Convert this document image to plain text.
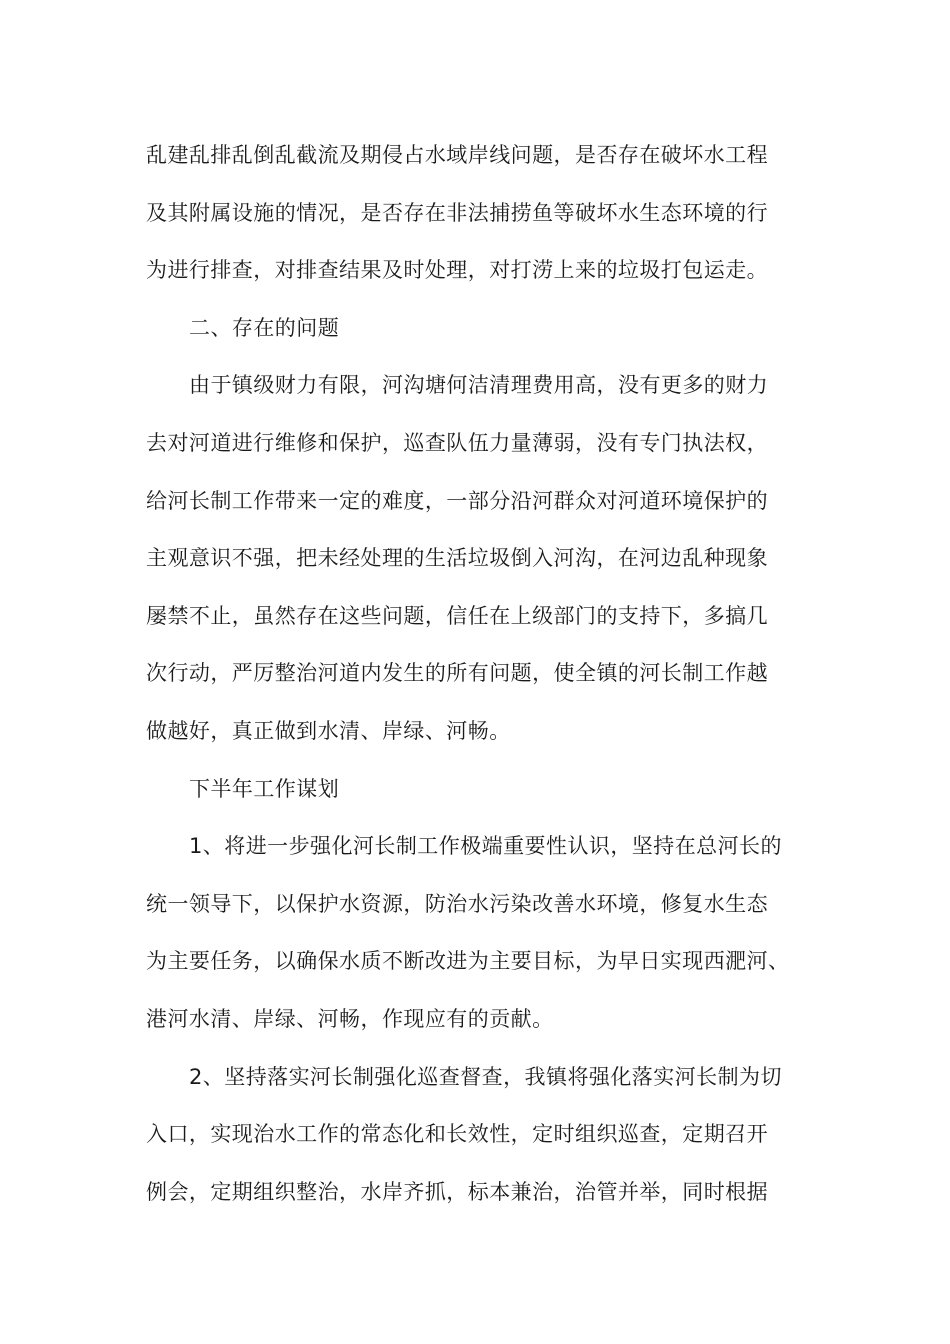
乱建乱排乱倒乱截流及期侵占水域岸线问题，是否存在破坏水工程
及其附属设施的情况，是否存在非法捕捞鱼等破坏水生态环境的行
为进行排查，对排查结果及时处理，对打涝上来的垃圾打包运走。
二、存在的问题
由于镇级财力有限，河沟塘何洁清理费用高，没有更多的财力
去对河道进行维修和保护，巡查队伍力量薄弱，没有专门执法权，
给河长制工作带来一定的难度，一部分沿河群众对河道环境保护的
主观意识不强，把未经处理的生活垃圾倒入河沟，在河边乱种现象
屡禁不止，虽然存在这些问题，信任在上级部门的支持下，多搞几
次行动，严厉整治河道内发生的所有问题，使全镇的河长制工作越
做越好，真正做到水清、岸绿、河畅。
下半年工作谋划
1、将进一步强化河长制工作极端重要性认识，坚持在总河长的
统一领导下，以保护水资源，防治水污染改善水环境，修复水生态
为主要任务，以确保水质不断改进为主要目标，为早日实现西淝河、
港河水清、岸绿、河畅，作现应有的贡献。
2、坚持落实河长制强化巡查督查，我镇将强化落实河长制为切
入口，实现治水工作的常态化和长效性，定时组织巡查，定期召开
例会，定期组织整治，水岸齐抓，标本兼治，治管并举，同时根据
